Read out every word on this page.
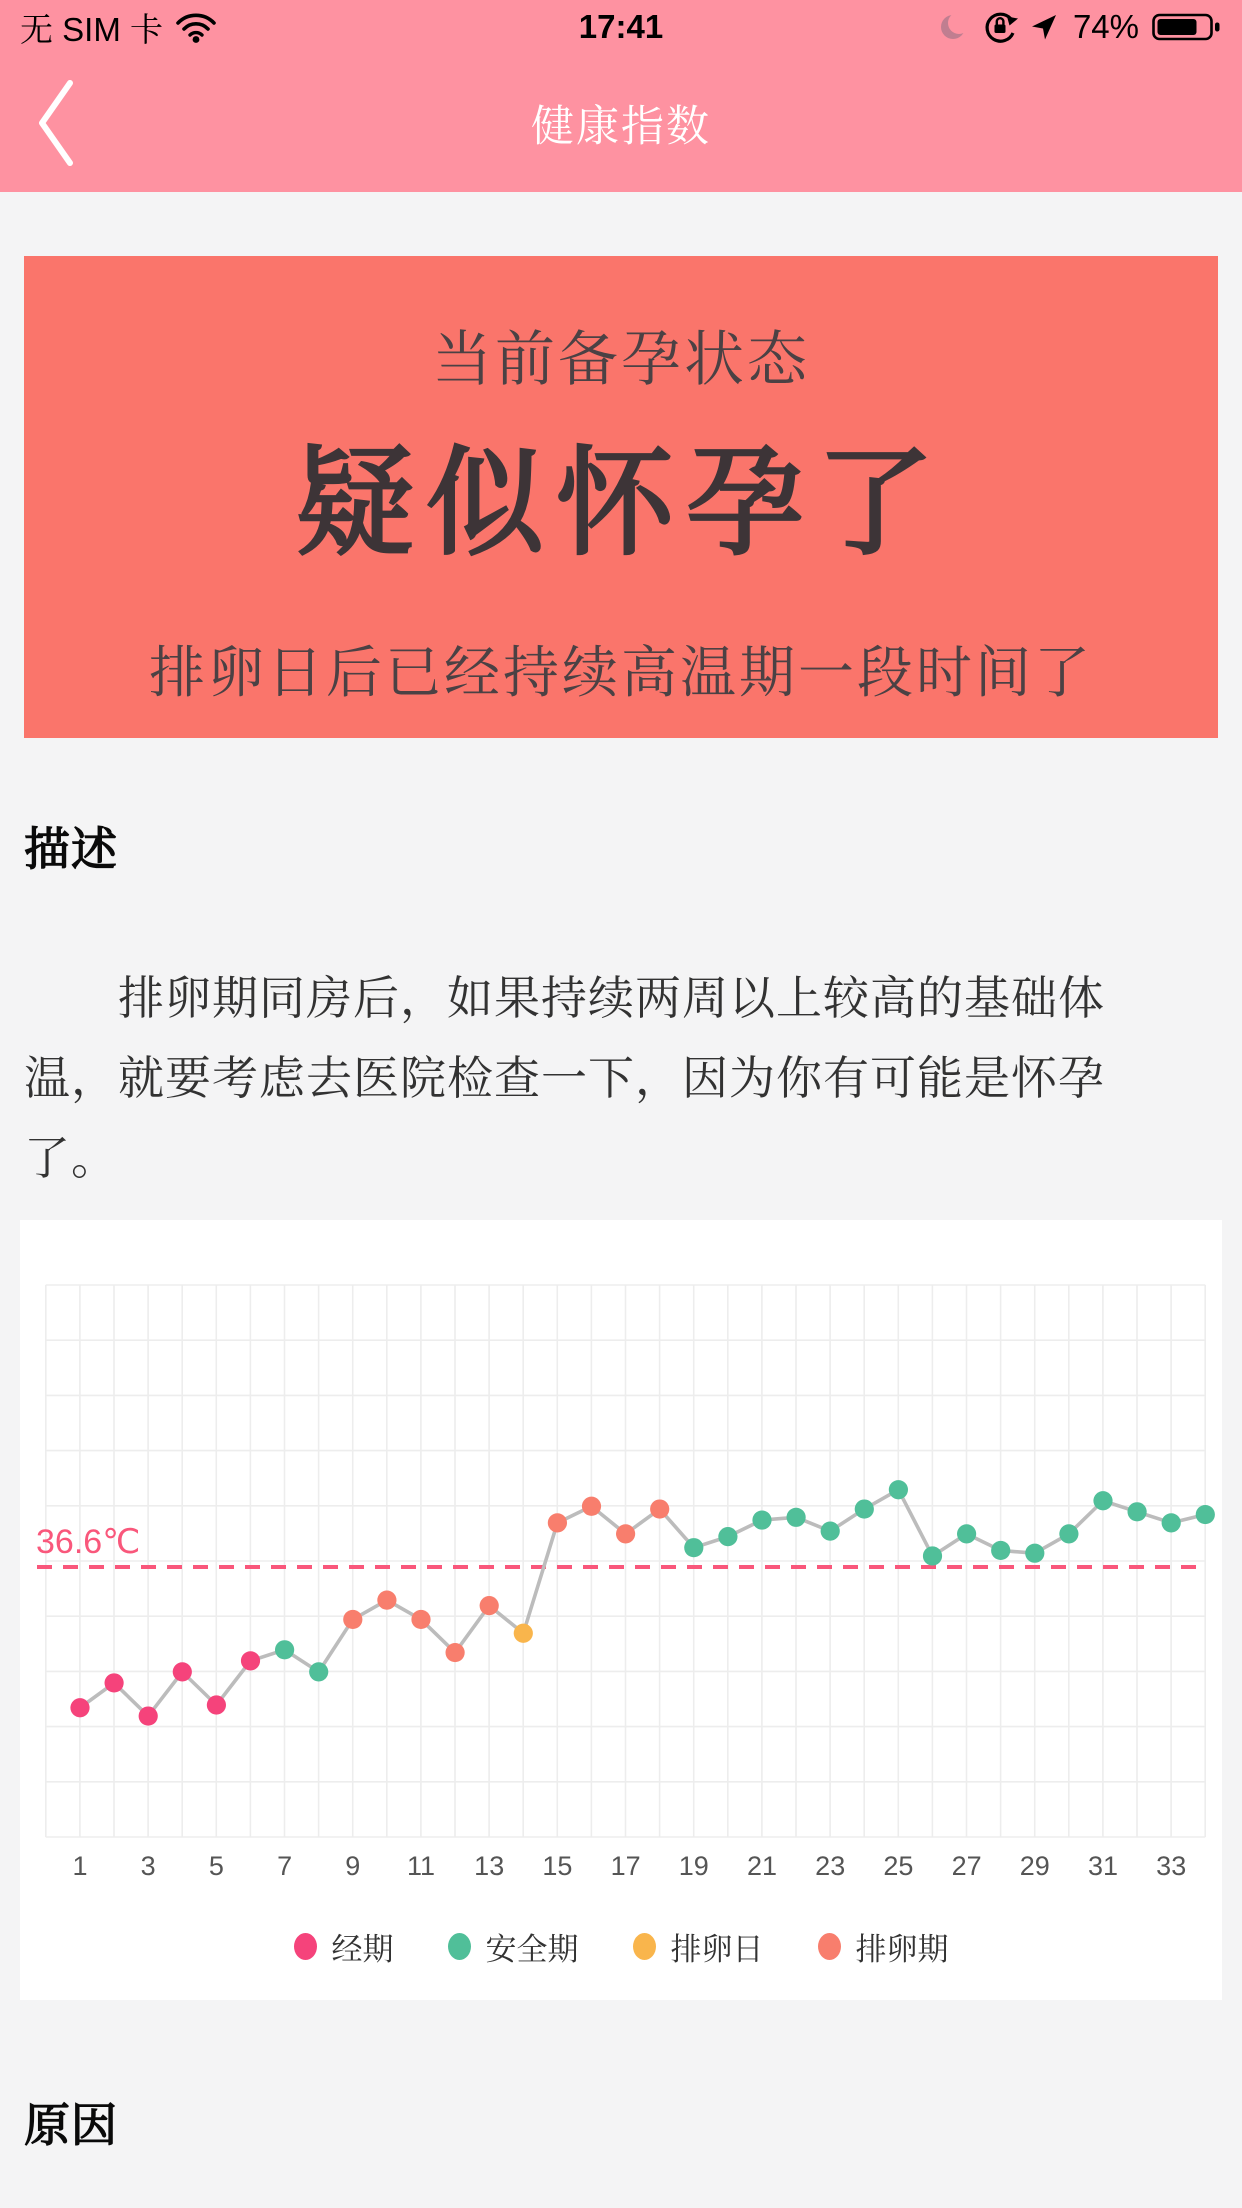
无 SIM 卡	17:41	74%
健康指数
当前备孕状态
疑似怀孕了
排卵日后已经持续高温期一段时间了
描述
排卵期同房后，如果持续两周以上较高的基础体
温，就要考虑去医院检查一下，因为你有可能是怀孕
了。
36.6℃
1 3 5 7 9 11 13 15 17 19 21 23 25 27 29 31 33
经期	安全期	排卵日	排卵期
原因
